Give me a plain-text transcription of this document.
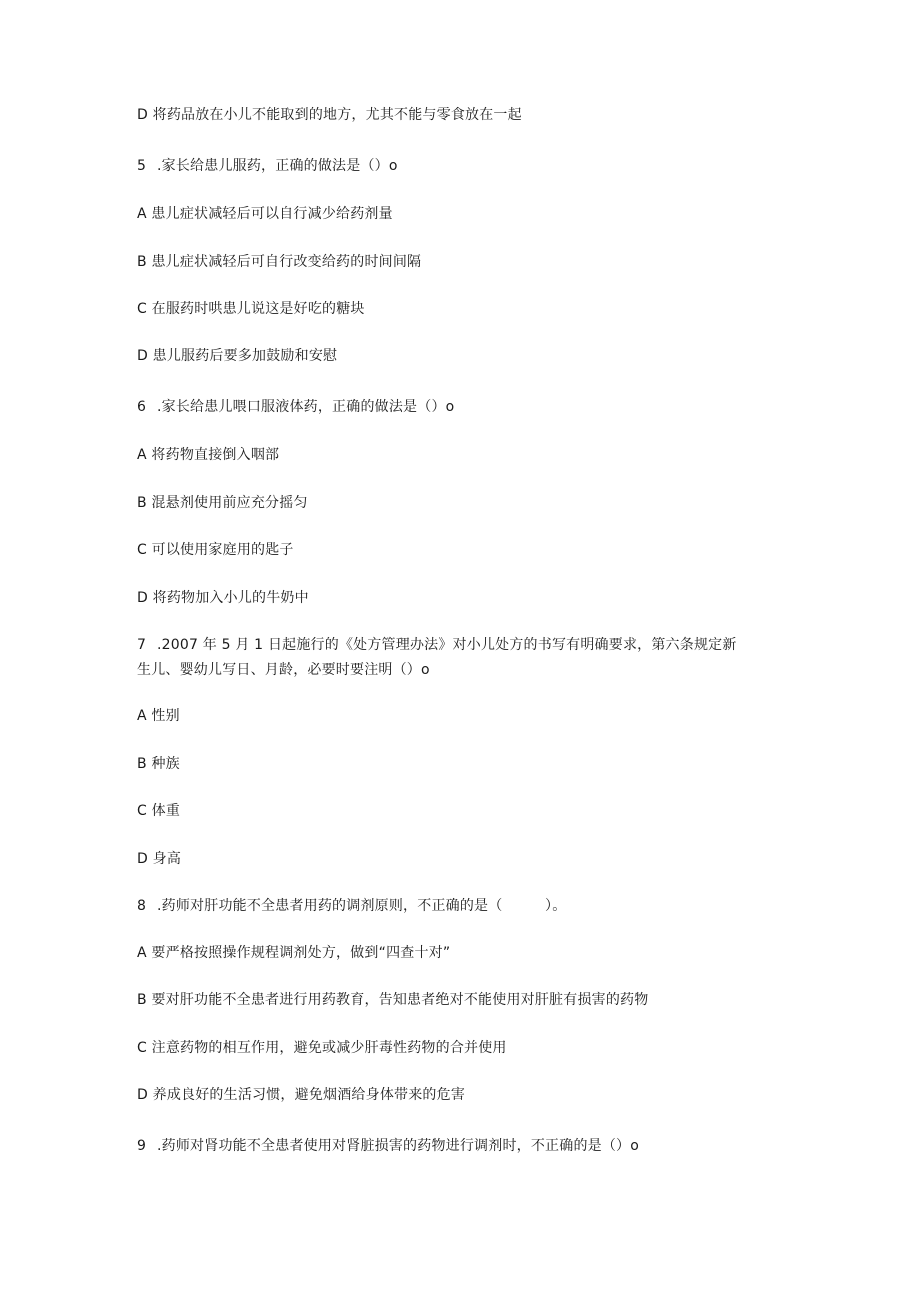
D 将药品放在小儿不能取到的地方，尤其不能与零食放在一起
5 .家长给患儿服药，正确的做法是（）o
A 患儿症状减轻后可以自行减少给药剂量
B 患儿症状减轻后可自行改变给药的时间间隔
C 在服药时哄患儿说这是好吃的糖块
D 患儿服药后要多加鼓励和安慰
6 .家长给患儿喂口服液体药，正确的做法是（）o
A 将药物直接倒入咽部
B 混悬剂使用前应充分摇匀
C 可以使用家庭用的匙子
D 将药物加入小儿的牛奶中
7 .2007 年 5 月 1 日起施行的《处方管理办法》对小儿处方的书写有明确要求，第六条规定新
生儿、婴幼儿写日、月龄，必要时要注明（）o
A 性别
B 种族
C 体重
D 身高
8 .药师对肝功能不全患者用药的调剂原则，不正确的是（　　　）。
A 要严格按照操作规程调剂处方，做到“四查十对”
B 要对肝功能不全患者进行用药教育，告知患者绝对不能使用对肝脏有损害的药物
C 注意药物的相互作用，避免或减少肝毒性药物的合并使用
D 养成良好的生活习惯，避免烟酒给身体带来的危害
9 .药师对肾功能不全患者使用对肾脏损害的药物进行调剂时，不正确的是（）o
